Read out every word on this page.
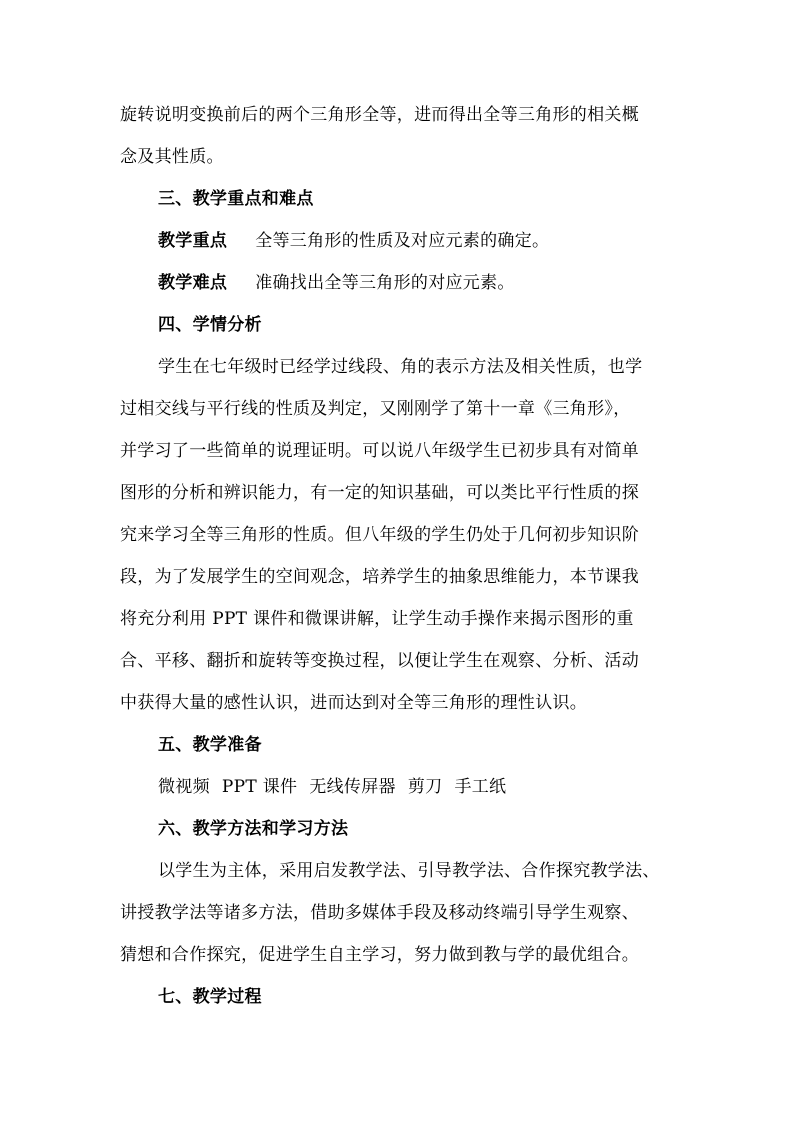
旋转说明变换前后的两个三角形全等，进而得出全等三角形的相关概
念及其性质。
三、教学重点和难点
教学重点 全等三角形的性质及对应元素的确定。
教学难点 准确找出全等三角形的对应元素。
四、学情分析
学生在七年级时已经学过线段、角的表示方法及相关性质，也学
过相交线与平行线的性质及判定，又刚刚学了第十一章《三角形》，
并学习了一些简单的说理证明。可以说八年级学生已初步具有对简单
图形的分析和辨识能力，有一定的知识基础，可以类比平行性质的探
究来学习全等三角形的性质。但八年级的学生仍处于几何初步知识阶
段，为了发展学生的空间观念，培养学生的抽象思维能力，本节课我
将充分利用 PPT 课件和微课讲解，让学生动手操作来揭示图形的重
合、平移、翻折和旋转等变换过程，以便让学生在观察、分析、活动
中获得大量的感性认识，进而达到对全等三角形的理性认识。
五、教学准备
微视频 PPT 课件 无线传屏器 剪刀 手工纸
六、教学方法和学习方法
以学生为主体，采用启发教学法、引导教学法、合作探究教学法、
讲授教学法等诸多方法，借助多媒体手段及移动终端引导学生观察、
猜想和合作探究，促进学生自主学习，努力做到教与学的最优组合。
七、教学过程
